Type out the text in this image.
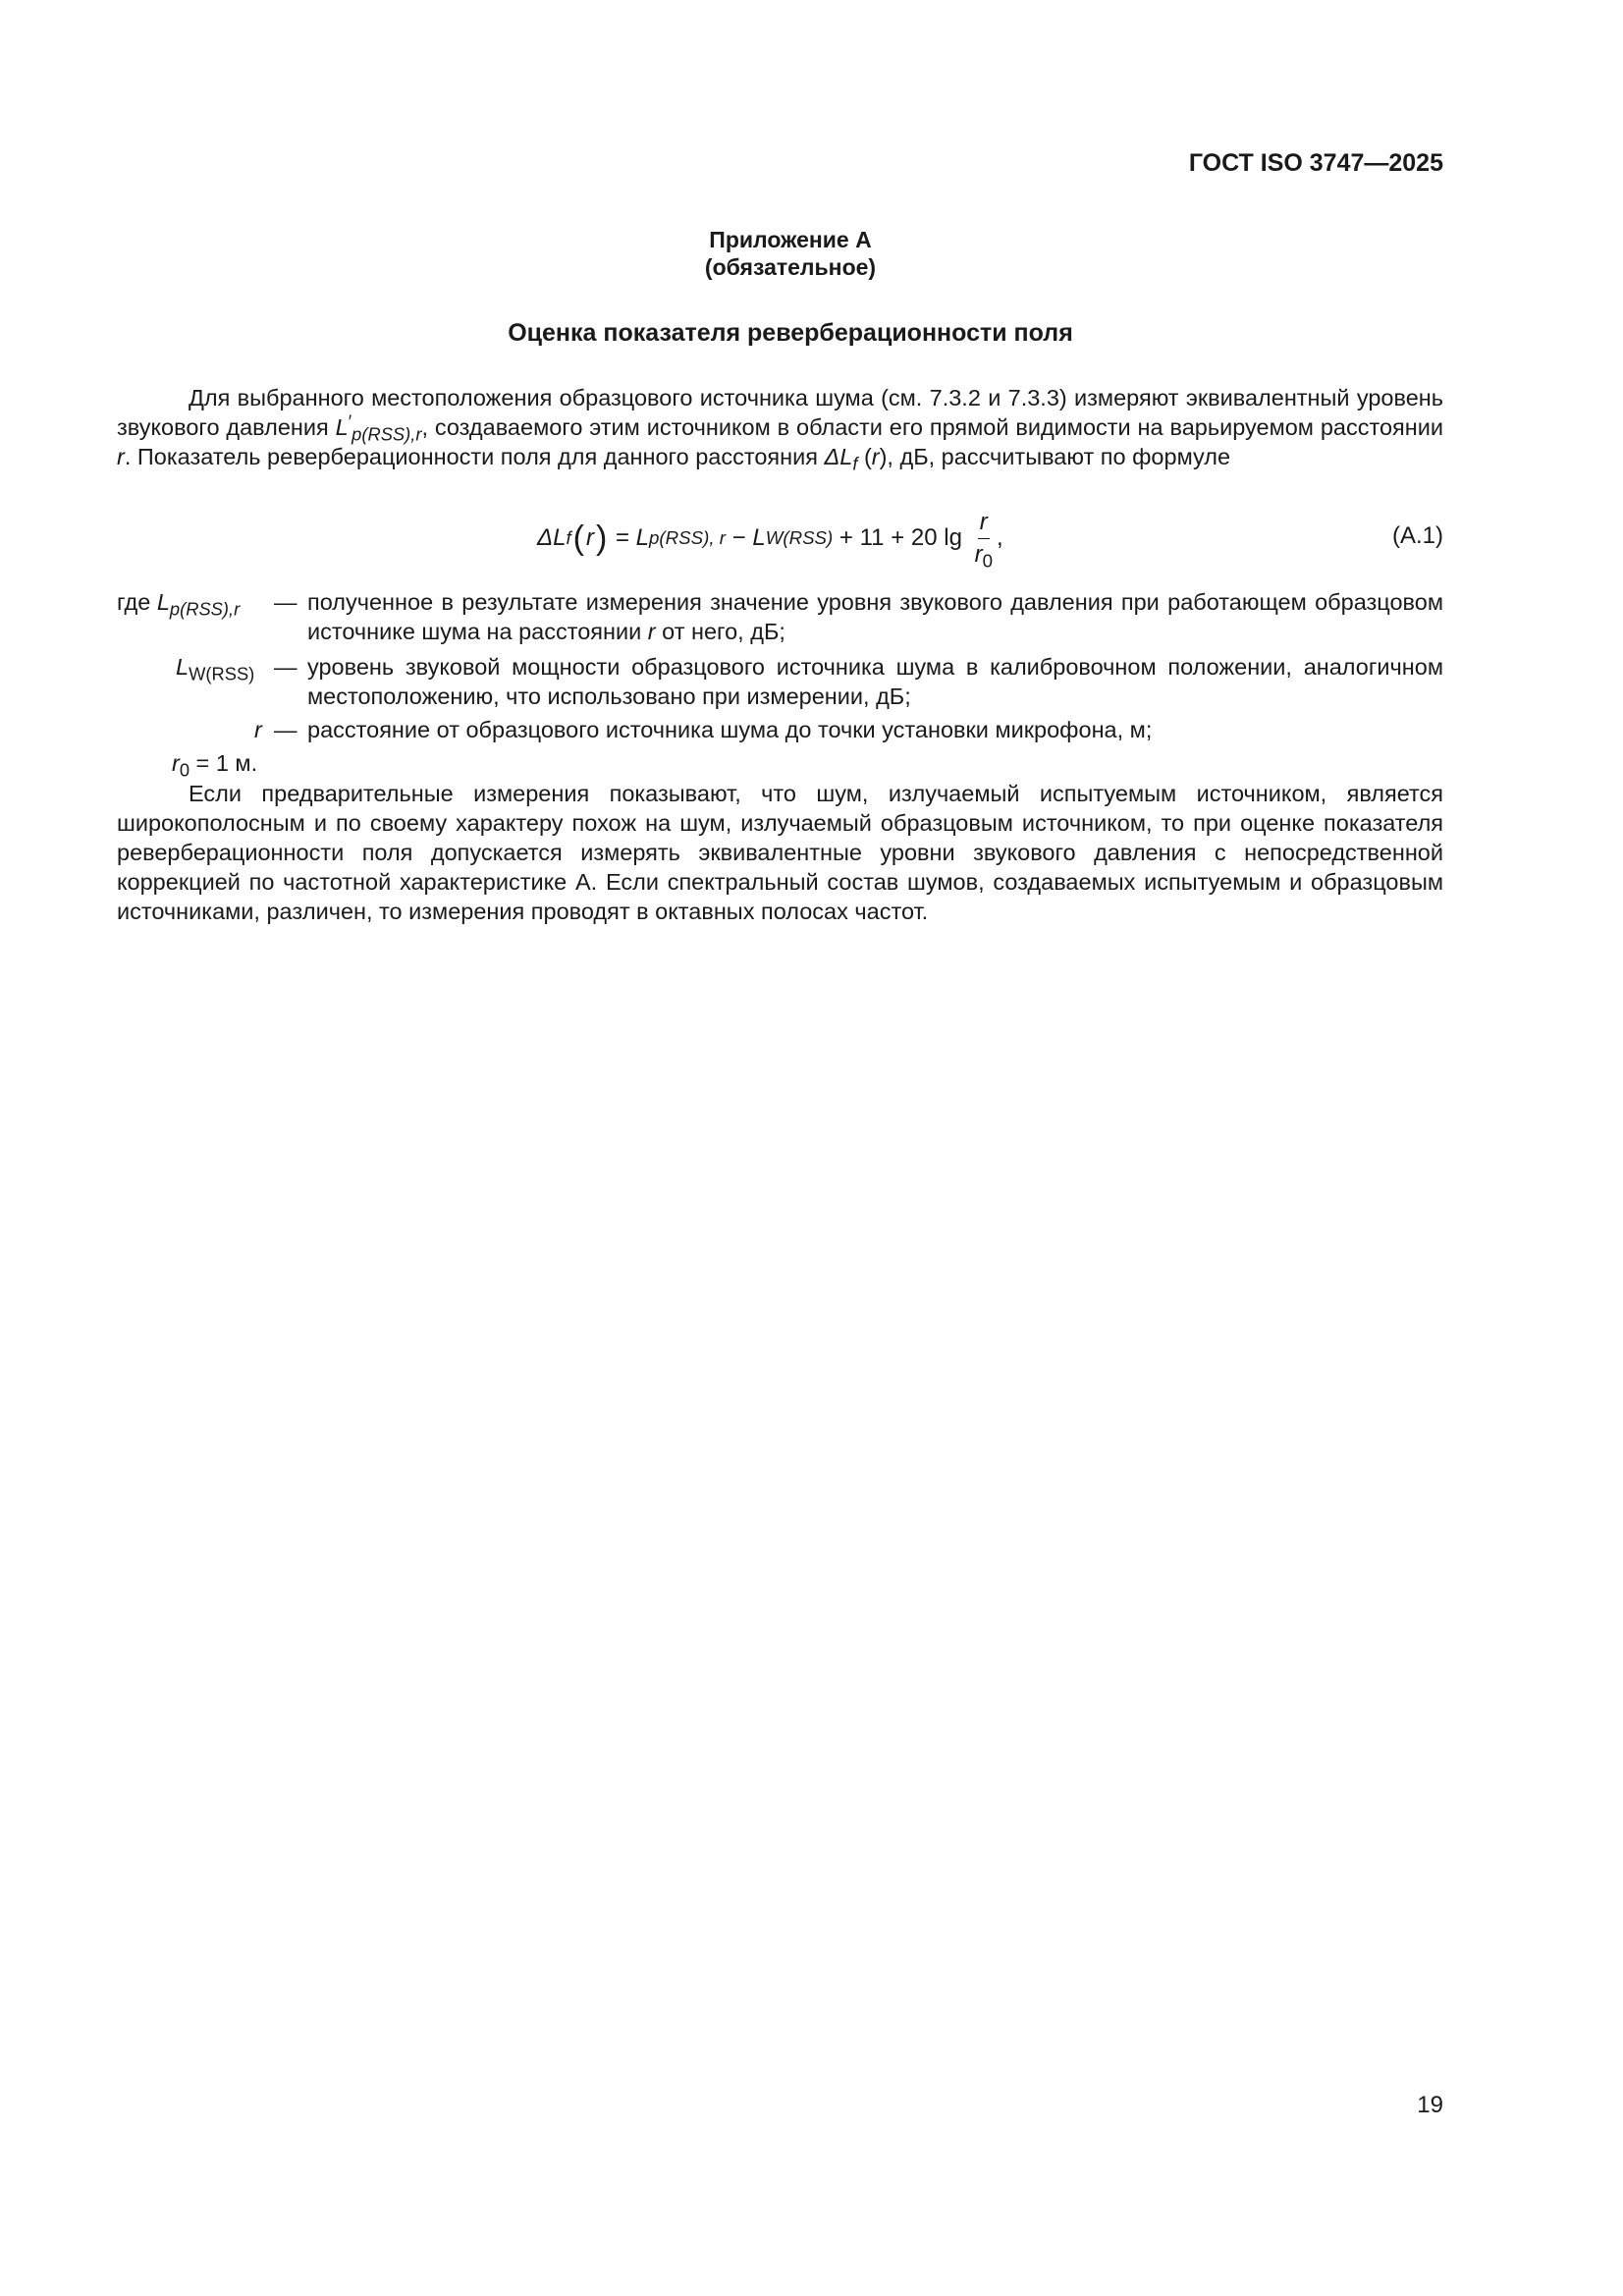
ГОСТ ISO 3747—2025
Приложение А
(обязательное)
Оценка показателя реверберационности поля
Для выбранного местоположения образцового источника шума (см. 7.3.2 и 7.3.3) измеряют эквивалентный уровень звукового давления $L'_{p(RSS),r}$, создаваемого этим источником в области его прямой видимости на варьируемом расстоянии r. Показатель реверберационности поля для данного расстояния $\Delta L_f$ (r), дБ, рассчитывают по формуле
ΔL f ( r ) = L p(RSS), r − L W(RSS) + 11 + 20 $\lg \frac{r}{r_0}$ ,	(А.1)
где $L_{p(RSS),r}$ — полученное в результате измерения значение уровня звукового давления при работающем образцовом источнике шума на расстоянии r от него, дБ;
$L_{W(RSS)}$ — уровень звуковой мощности образцового источника шума в калибровочном положении, аналогичном местоположению, что использовано при измерении, дБ;
r — расстояние от образцового источника шума до точки установки микрофона, м;
$r_0 = 1$ м.
Если предварительные измерения показывают, что шум, излучаемый испытуемым источником, является широкополосным и по своему характеру похож на шум, излучаемый образцовым источником, то при оценке показателя реверберационности поля допускается измерять эквивалентные уровни звукового давления с непосредственной коррекцией по частотной характеристике А. Если спектральный состав шумов, создаваемых испытуемым и образцовым источниками, различен, то измерения проводят в октавных полосах частот.
19
